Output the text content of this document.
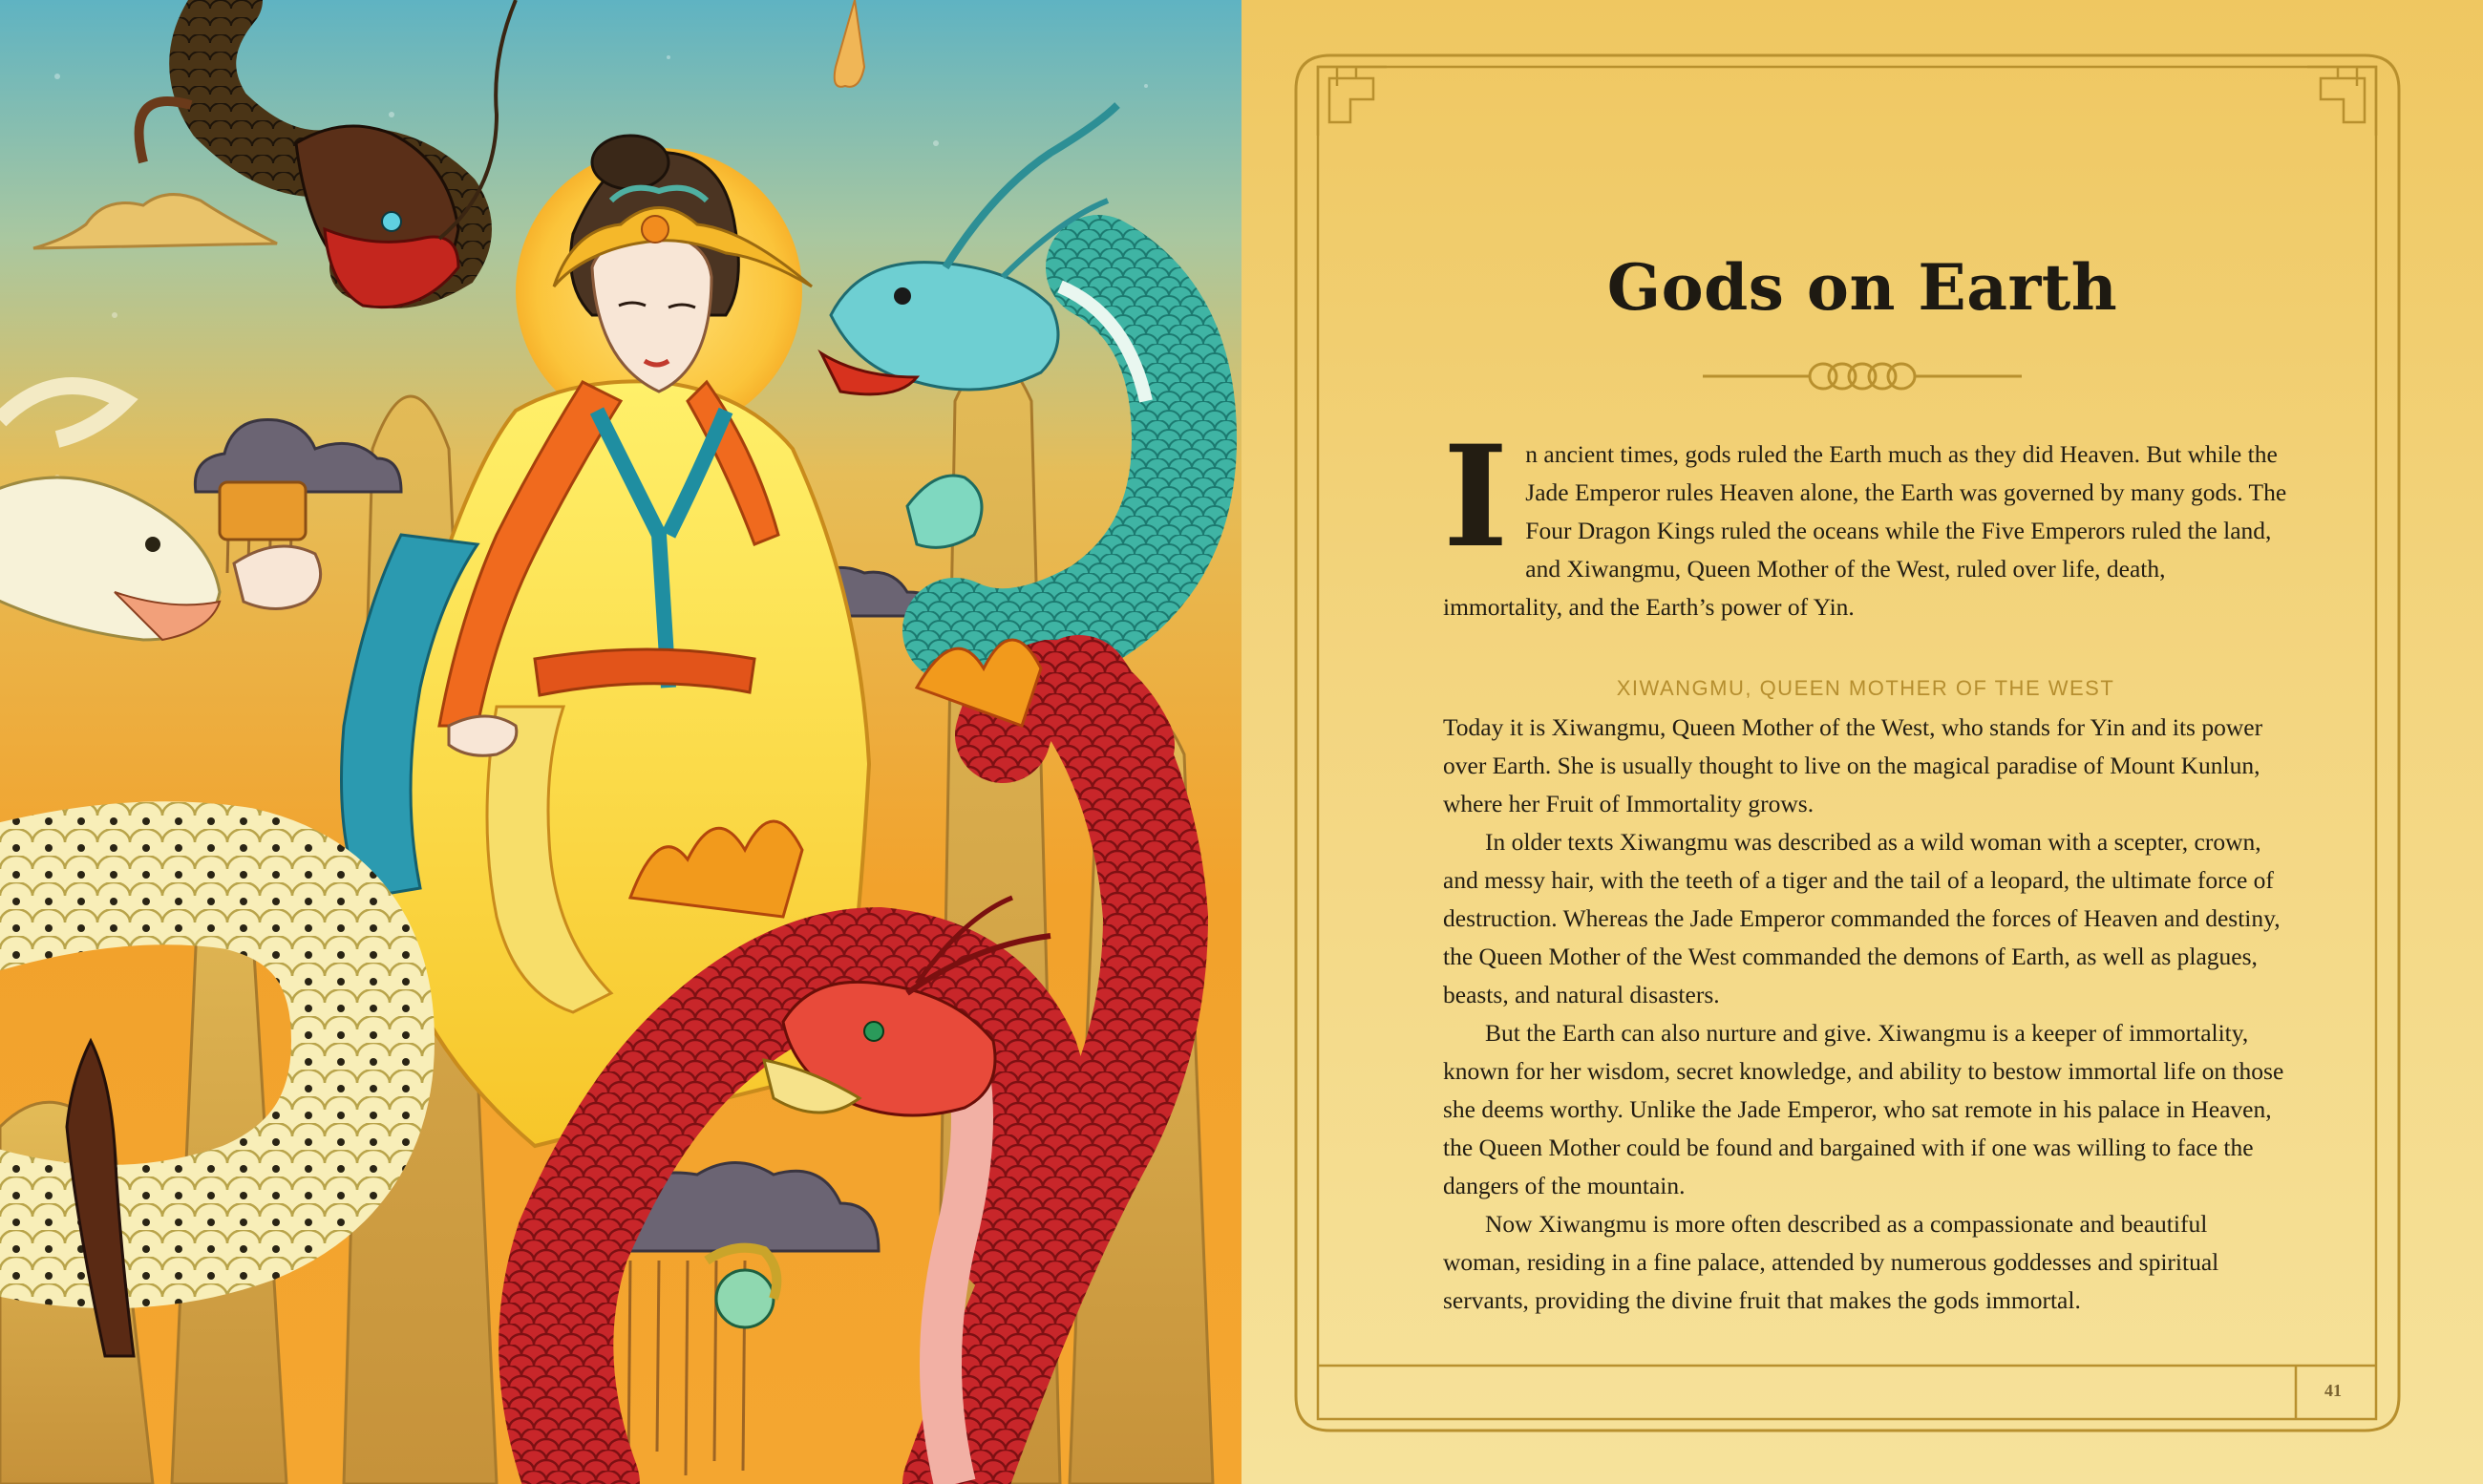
Gods on Earth
41

In ancient times, gods ruled the Earth much as they did Heaven. But while the Jade Emperor rules Heaven alone, the Earth was governed by many gods. The Four Dragon Kings ruled the oceans while the Five Emperors ruled the land, and Xiwangmu, Queen Mother of the West, ruled over life, death, immortality, and the Earth’s power of Yin.

XIWANGMU, QUEEN MOTHER OF THE WEST

Today it is Xiwangmu, Queen Mother of the West, who stands for Yin and its power over Earth. She is usually thought to live on the magical paradise of Mount Kunlun, where her Fruit of Immortality grows.

In older texts Xiwangmu was described as a wild woman with a scepter, crown, and messy hair, with the teeth of a tiger and the tail of a leopard, the ultimate force of destruction. Whereas the Jade Emperor commanded the forces of Heaven and destiny, the Queen Mother of the West commanded the demons of Earth, as well as plagues, beasts, and natural disasters.

But the Earth can also nurture and give. Xiwangmu is a keeper of immortality, known for her wisdom, secret knowledge, and ability to bestow immortal life on those she deems worthy. Unlike the Jade Emperor, who sat remote in his palace in Heaven, the Queen Mother could be found and bargained with if one was willing to face the dangers of the mountain.

Now Xiwangmu is more often described as a compassionate and beautiful woman, residing in a fine palace, attended by numerous goddesses and spiritual servants, providing the divine fruit that makes the gods immortal.
